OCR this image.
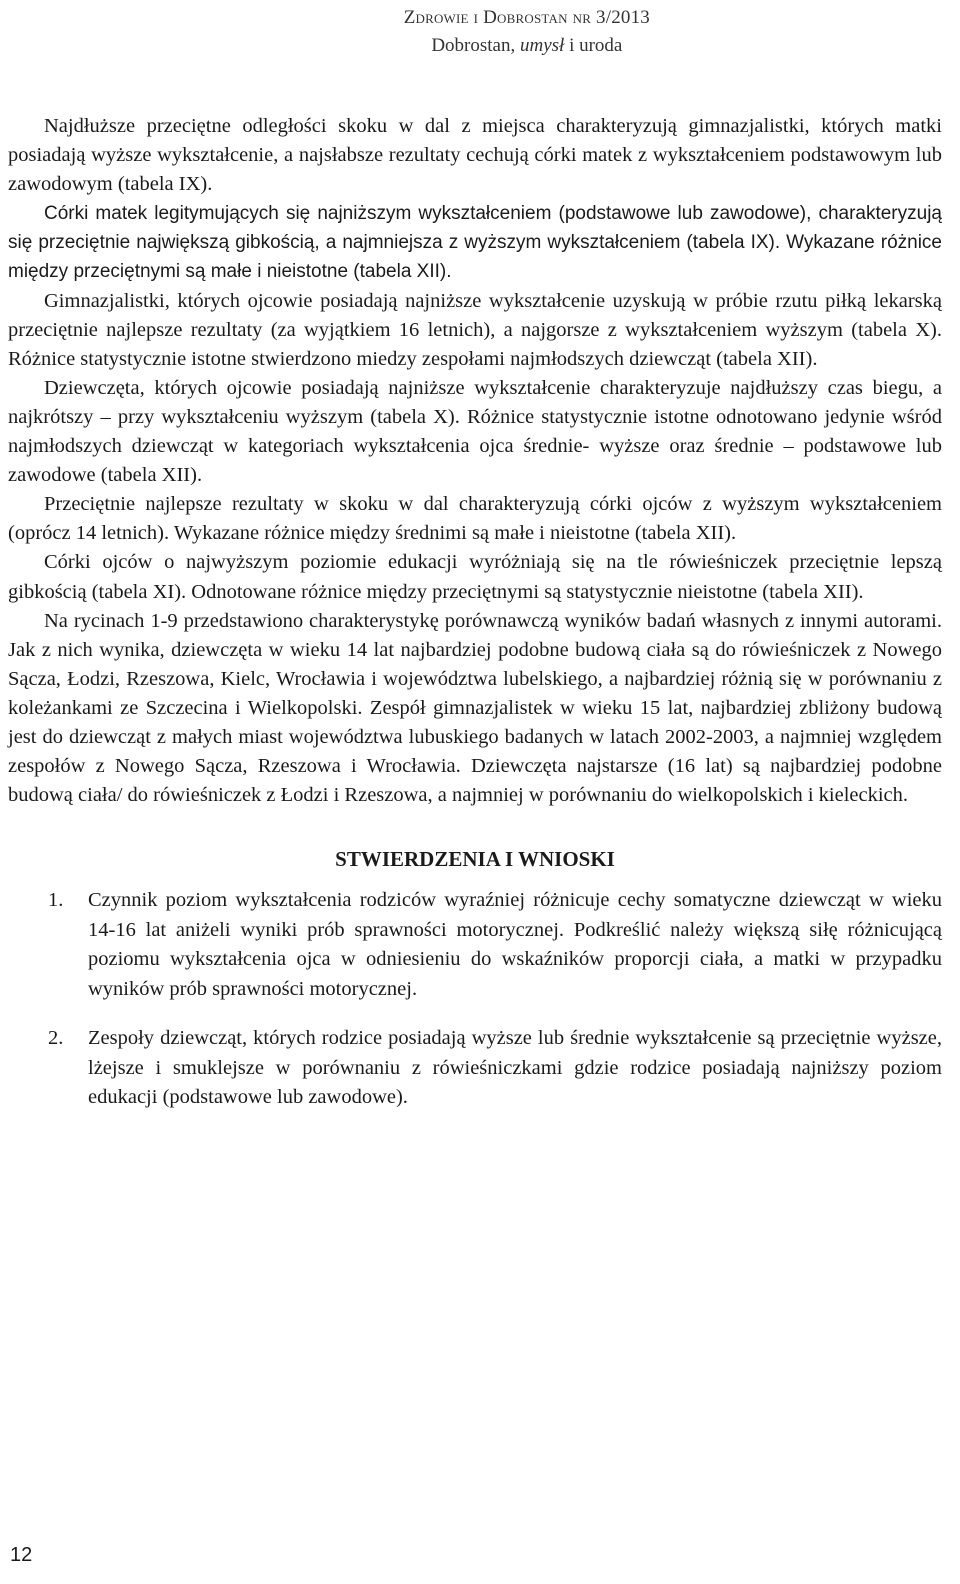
Zdrowie i Dobrostan nr 3/2013
Dobrostan, umysł i uroda

Najdłuższe przeciętne odległości skoku w dal z miejsca charakteryzują gimnazjalistki, których matki posiadają wyższe wykształcenie, a najsłabsze rezultaty cechują córki matek z wykształceniem podstawowym lub zawodowym (tabela IX).

Córki matek legitymujących się najniższym wykształceniem (podstawowe lub zawodowe), charakteryzują się przeciętnie największą gibkością, a najmniejsza z wyższym wykształceniem (tabela IX). Wykazane różnice między przeciętnymi są małe i nieistotne (tabela XII).

Gimnazjalistki, których ojcowie posiadają najniższe wykształcenie uzyskują w próbie rzutu piłką lekarską przeciętnie najlepsze rezultaty (za wyjątkiem 16 letnich), a najgorsze z wykształceniem wyższym (tabela X). Różnice statystycznie istotne stwierdzono miedzy zespołami najmłodszych dziewcząt (tabela XII).

Dziewczęta, których ojcowie posiadają najniższe wykształcenie charakteryzuje najdłuższy czas biegu, a najkrótszy – przy wykształceniu wyższym (tabela X). Różnice statystycznie istotne odnotowano jedynie wśród najmłodszych dziewcząt w kategoriach wykształcenia ojca średnie- wyższe oraz średnie – podstawowe lub zawodowe (tabela XII).

Przeciętnie najlepsze rezultaty w skoku w dal charakteryzują córki ojców z wyższym wykształceniem (oprócz 14 letnich). Wykazane różnice między średnimi są małe i nieistotne (tabela XII).

Córki ojców o najwyższym poziomie edukacji wyróżniają się na tle rówieśniczek przeciętnie lepszą gibkością (tabela XI). Odnotowane różnice między przeciętnymi są statystycznie nieistotne (tabela XII).

Na rycinach 1-9 przedstawiono charakterystykę porównawczą wyników badań własnych z innymi autorami. Jak z nich wynika, dziewczęta w wieku 14 lat najbardziej podobne budową ciała są do rówieśniczek z Nowego Sącza, Łodzi, Rzeszowa, Kielc, Wrocławia i województwa lubelskiego, a najbardziej różnią się w porównaniu z koleżankami ze Szczecina i Wielkopolski. Zespół gimnazjalistek w wieku 15 lat, najbardziej zbliżony budową jest do dziewcząt z małych miast województwa lubuskiego badanych w latach 2002-2003, a najmniej względem zespołów z Nowego Sącza, Rzeszowa i Wrocławia. Dziewczęta najstarsze (16 lat) są najbardziej podobne budową ciała/ do rówieśniczek z Łodzi i Rzeszowa, a najmniej w porównaniu do wielkopolskich i kieleckich.

STWIERDZENIA I WNIOSKI
1. Czynnik poziom wykształcenia rodziców wyraźniej różnicuje cechy somatyczne dziewcząt w wieku 14-16 lat aniżeli wyniki prób sprawności motorycznej. Podkreślić należy większą siłę różnicującą poziomu wykształcenia ojca w odniesieniu do wskaźników proporcji ciała, a matki w przypadku wyników prób sprawności motorycznej.
2. Zespoły dziewcząt, których rodzice posiadają wyższe lub średnie wykształcenie są przeciętnie wyższe, lżejsze i smuklejsze w porównaniu z rówieśniczkami gdzie rodzice posiadają najniższy poziom edukacji (podstawowe lub zawodowe).
12
